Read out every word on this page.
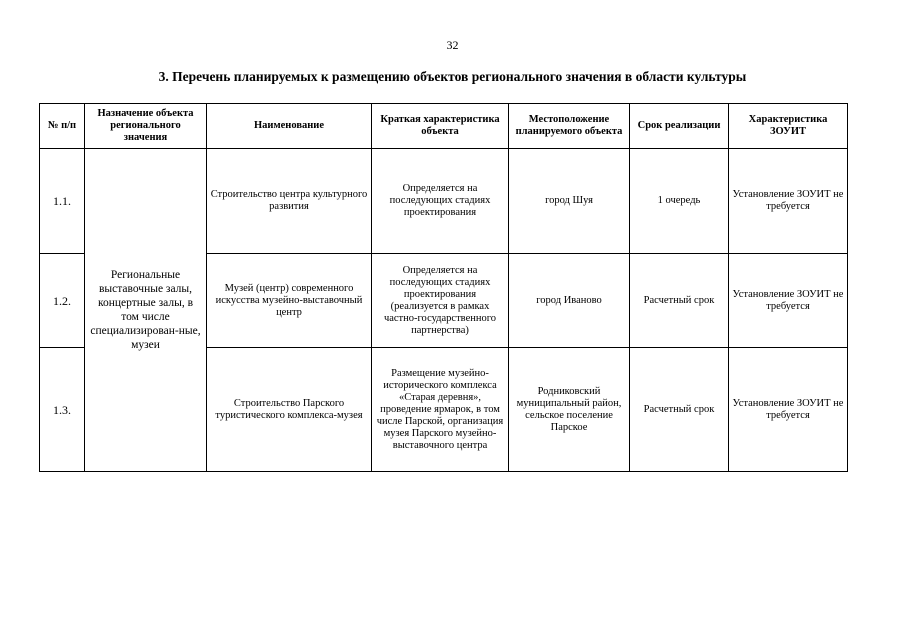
32
3. Перечень планируемых к размещению объектов регионального значения в области культуры
№ п/п	Назначение объекта регионального значения	Наименование	Краткая характеристика объекта	Местоположение планируемого объекта	Срок реализации	Характеристика ЗОУИТ
1.1.	Региональные выставочные залы, концертные залы, в том числе специализирован-ные, музеи	Строительство центра культурного развития	Определяется на последующих стадиях проектирования	город Шуя	1 очередь	Установление ЗОУИТ не требуется
1.2.		Музей (центр) современного искусства музейно-выставочный центр	Определяется на последующих стадиях проектирования (реализуется в рамках частно-государственного партнерства)	город Иваново	Расчетный срок	Установление ЗОУИТ не требуется
1.3.		Строительство Парского туристического комплекса-музея	Размещение музейно-исторического комплекса «Старая деревня», проведение ярмарок, в том числе Парской, организация музея Парского музейно-выставочного центра	Родниковский муниципальный район, сельское поселение Парское	Расчетный срок	Установление ЗОУИТ не требуется
